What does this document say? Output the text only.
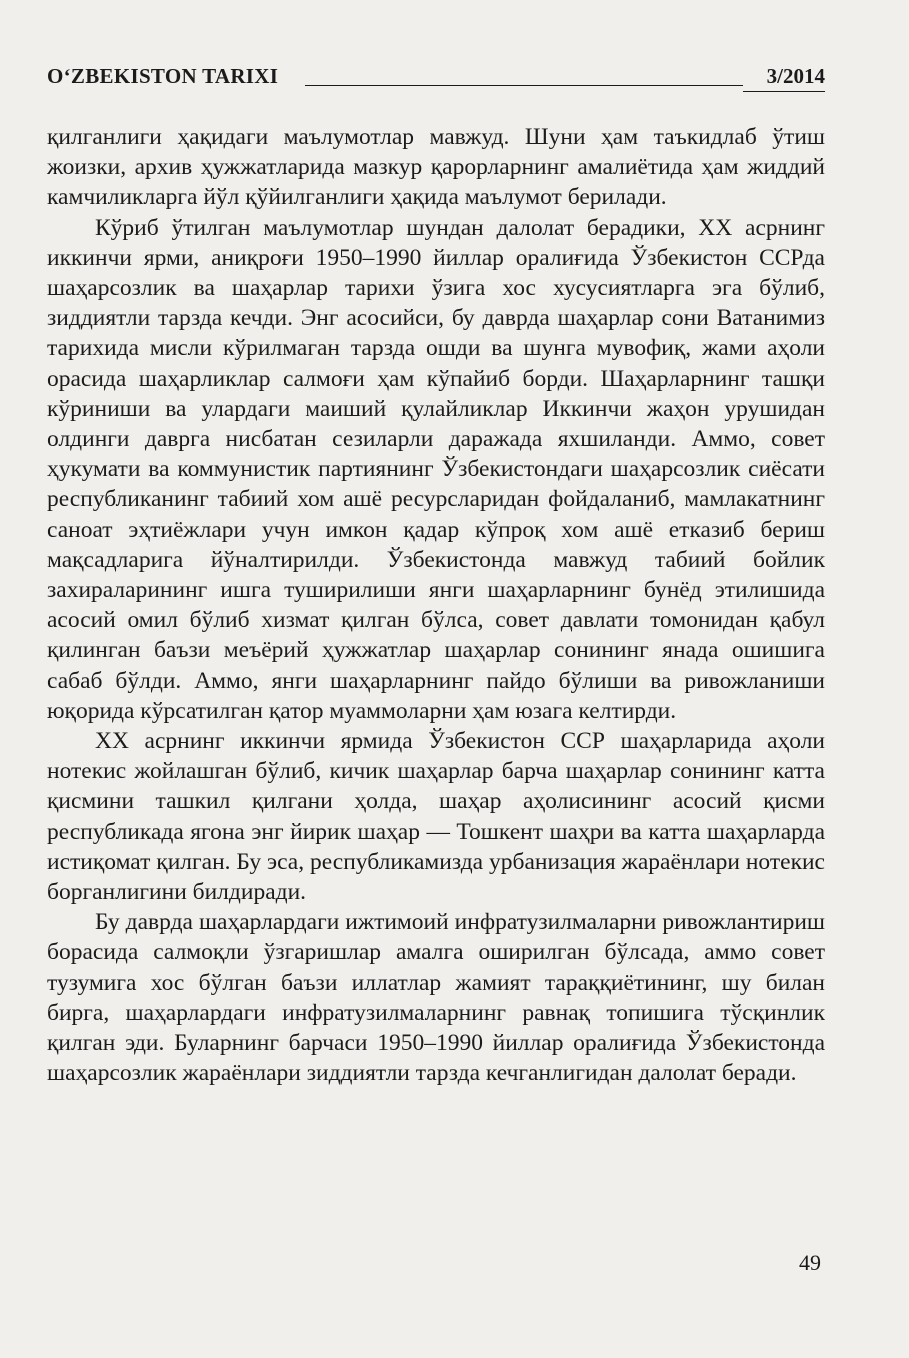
O‘ZBEKISTON TARIXI	3/2014

қилганлиги ҳақидаги маълумотлар мавжуд. Шуни ҳам таъкидлаб ўтиш жоизки, архив ҳужжатларида мазкур қарорларнинг амалиётида ҳам жиддий камчиликларга йўл қўйилганлиги ҳақида маълумот берилади.

Кўриб ўтилган маълумотлар шундан далолат берадики, XX асрнинг иккинчи ярми, аниқроғи 1950–1990 йиллар оралиғида Ўзбекистон ССРда шаҳарсозлик ва шаҳарлар тарихи ўзига хос хусусиятларга эга бўлиб, зиддиятли тарзда кечди. Энг асосийси, бу даврда шаҳарлар сони Ватанимиз тарихида мисли кўрилмаган тарзда ошди ва шунга мувофиқ, жами аҳоли орасида шаҳарликлар салмоғи ҳам кўпайиб борди. Шаҳарларнинг ташқи кўриниши ва улардаги маиший қулайликлар Иккинчи жаҳон урушидан олдинги даврга нисбатан сезиларли даражада яхшиланди. Аммо, совет ҳукумати ва коммунистик партиянинг Ўзбекистондаги шаҳарсозлик сиёсати республиканинг табиий хом ашё ресурсларидан фойдаланиб, мамлакатнинг саноат эҳтиёжлари учун имкон қадар кўпроқ хом ашё етказиб бериш мақсадларига йўналтирилди. Ўзбекистонда мавжуд табиий бойлик захираларининг ишга туширилиши янги шаҳарларнинг бунёд этилишида асосий омил бўлиб хизмат қилган бўлса, совет давлати томонидан қабул қилинган баъзи меъёрий ҳужжатлар шаҳарлар сонининг янада ошишига сабаб бўлди. Аммо, янги шаҳарларнинг пайдо бўлиши ва ривожланиши юқорида кўрсатилган қатор муаммоларни ҳам юзага келтирди.

XX асрнинг иккинчи ярмида Ўзбекистон ССР шаҳарларида аҳоли нотекис жойлашган бўлиб, кичик шаҳарлар барча шаҳарлар сонининг катта қисмини ташкил қилгани ҳолда, шаҳар аҳолисининг асосий қисми республикада ягона энг йирик шаҳар — Тошкент шаҳри ва катта шаҳарларда истиқомат қилган. Бу эса, республикамизда урбанизация жараёнлари нотекис борганлигини билдиради.

Бу даврда шаҳарлардаги ижтимоий инфратузилмаларни ривожлантириш борасида салмоқли ўзгаришлар амалга оширилган бўлсада, аммо совет тузумига хос бўлган баъзи иллатлар жамият тараққиётининг, шу билан бирга, шаҳарлардаги инфратузилмаларнинг равнақ топишига тўсқинлик қилган эди. Буларнинг барчаси 1950–1990 йиллар оралиғида Ўзбекистонда шаҳарсозлик жараёнлари зиддиятли тарзда кечганлигидан далолат беради.

49
